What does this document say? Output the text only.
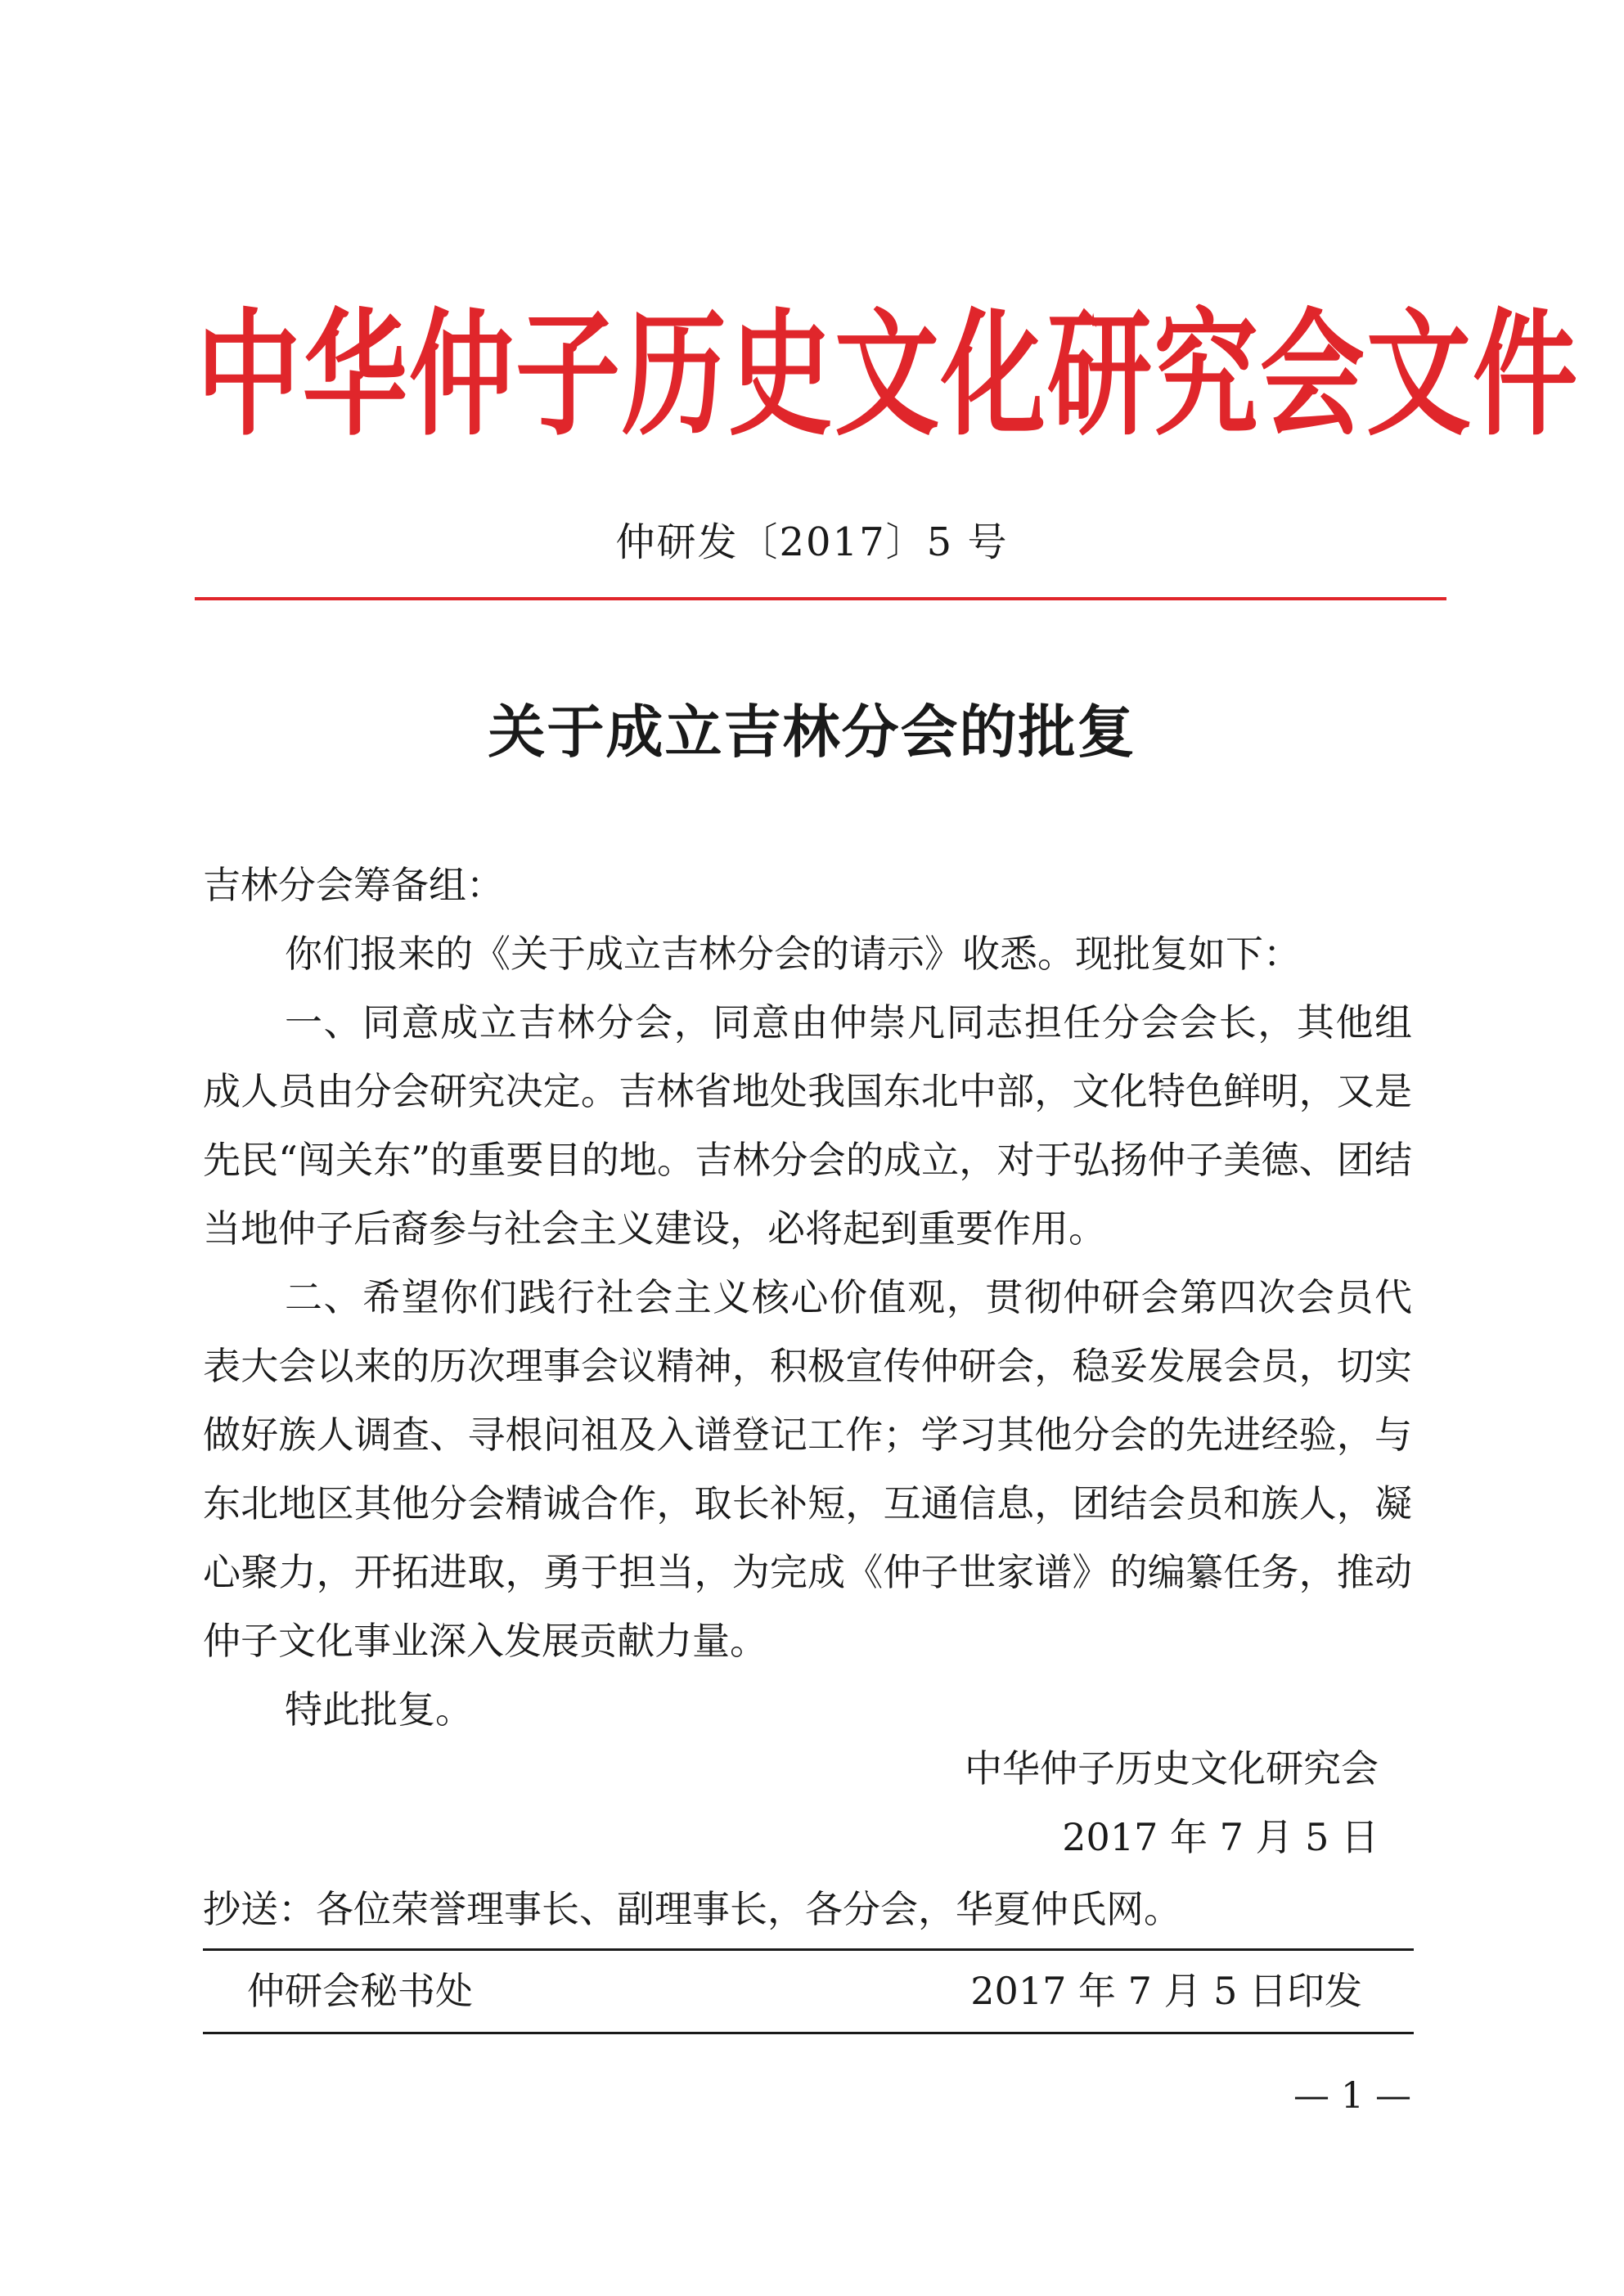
中华仲子历史文化研究会文件
仲研发〔2017〕5 号
关于成立吉林分会的批复

吉林分会筹备组：

你们报来的《关于成立吉林分会的请示》收悉。现批复如下：

一、同意成立吉林分会，同意由仲崇凡同志担任分会会长，其他组成人员由分会研究决定。吉林省地处我国东北中部，文化特色鲜明，又是先民“闯关东”的重要目的地。吉林分会的成立，对于弘扬仲子美德、团结当地仲子后裔参与社会主义建设，必将起到重要作用。

二、希望你们践行社会主义核心价值观，贯彻仲研会第四次会员代表大会以来的历次理事会议精神，积极宣传仲研会，稳妥发展会员，切实做好族人调查、寻根问祖及入谱登记工作；学习其他分会的先进经验，与东北地区其他分会精诚合作，取长补短，互通信息，团结会员和族人，凝心聚力，开拓进取，勇于担当，为完成《仲子世家谱》的编纂任务，推动仲子文化事业深入发展贡献力量。

特此批复。

中华仲子历史文化研究会
2017 年 7 月 5 日
抄送：各位荣誉理事长、副理事长，各分会，华夏仲氏网。
仲研会秘书处	2017 年 7 月 5 日印发
— 1 —
